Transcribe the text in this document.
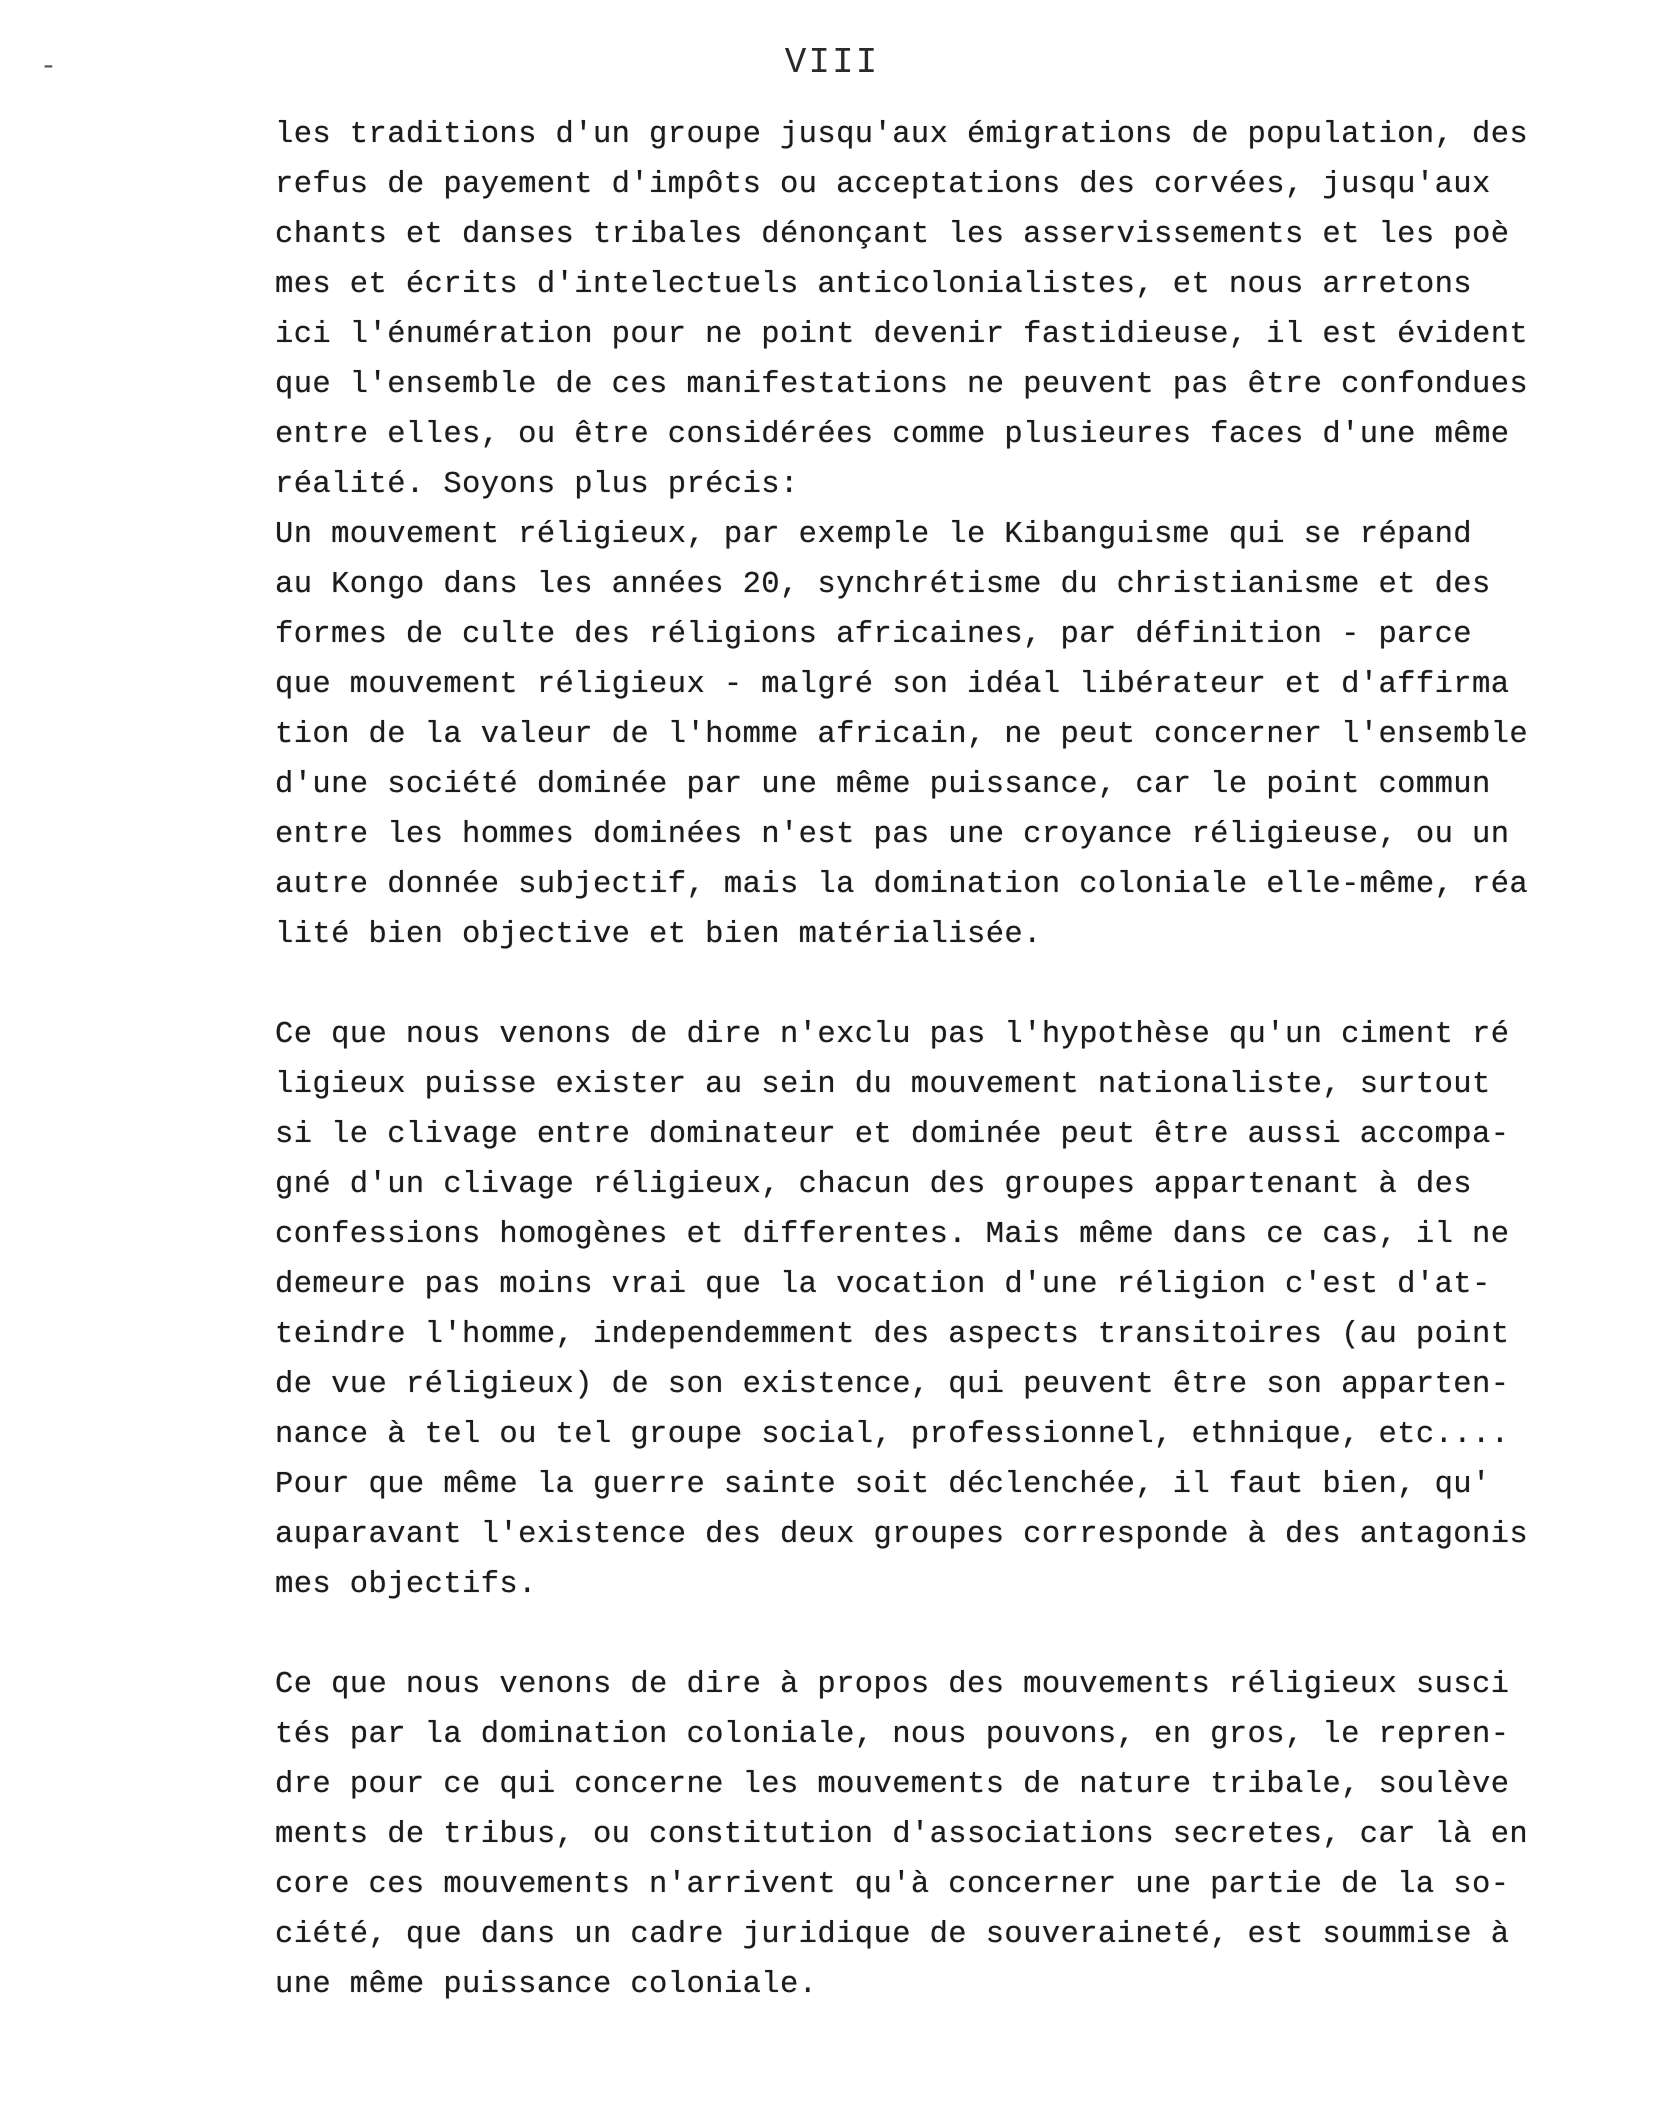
-	VIII
les traditions d'un groupe jusqu'aux émigrations de population, des
refus de payement d'impôts ou acceptations des corvées, jusqu'aux
chants et danses tribales dénonçant les asservissements et les poè
mes et écrits d'intelectuels anticolonialistes, et nous arretons
ici l'énumération pour ne point devenir fastidieuse, il est évident
que l'ensemble de ces manifestations ne peuvent pas être confondues
entre elles, ou être considérées comme plusieures faces d'une même
réalité. Soyons plus précis:
Un mouvement réligieux, par exemple le Kibanguisme qui se répand
au Kongo dans les années 20, synchrétisme du christianisme et des
formes de culte des réligions africaines, par définition - parce
que mouvement réligieux - malgré son idéal libérateur et d'affirma
tion de la valeur de l'homme africain, ne peut concerner l'ensemble
d'une société dominée par une même puissance, car le point commun
entre les hommes dominées n'est pas une croyance réligieuse, ou un
autre donnée subjectif, mais la domination coloniale elle-même, réa
lité bien objective et bien matérialisée.
Ce que nous venons de dire n'exclu pas l'hypothèse qu'un ciment ré
ligieux puisse exister au sein du mouvement nationaliste, surtout
si le clivage entre dominateur et dominée peut être aussi accompa-
gné d'un clivage réligieux, chacun des groupes appartenant à des
confessions homogènes et differentes. Mais même dans ce cas, il ne
demeure pas moins vrai que la vocation d'une réligion c'est d'at-
teindre l'homme, independemment des aspects transitoires (au point
de vue réligieux) de son existence, qui peuvent être son apparten-
nance à tel ou tel groupe social, professionnel, ethnique, etc....
Pour que même la guerre sainte soit déclenchée, il faut bien, qu'
auparavant l'existence des deux groupes corresponde à des antagonis
mes objectifs.
Ce que nous venons de dire à propos des mouvements réligieux susci
tés par la domination coloniale, nous pouvons, en gros, le repren-
dre pour ce qui concerne les mouvements de nature tribale, soulève
ments de tribus, ou constitution d'associations secretes, car là en
core ces mouvements n'arrivent qu'à concerner une partie de la so-
ciété, que dans un cadre juridique de souveraineté, est soummise à
une même puissance coloniale.
